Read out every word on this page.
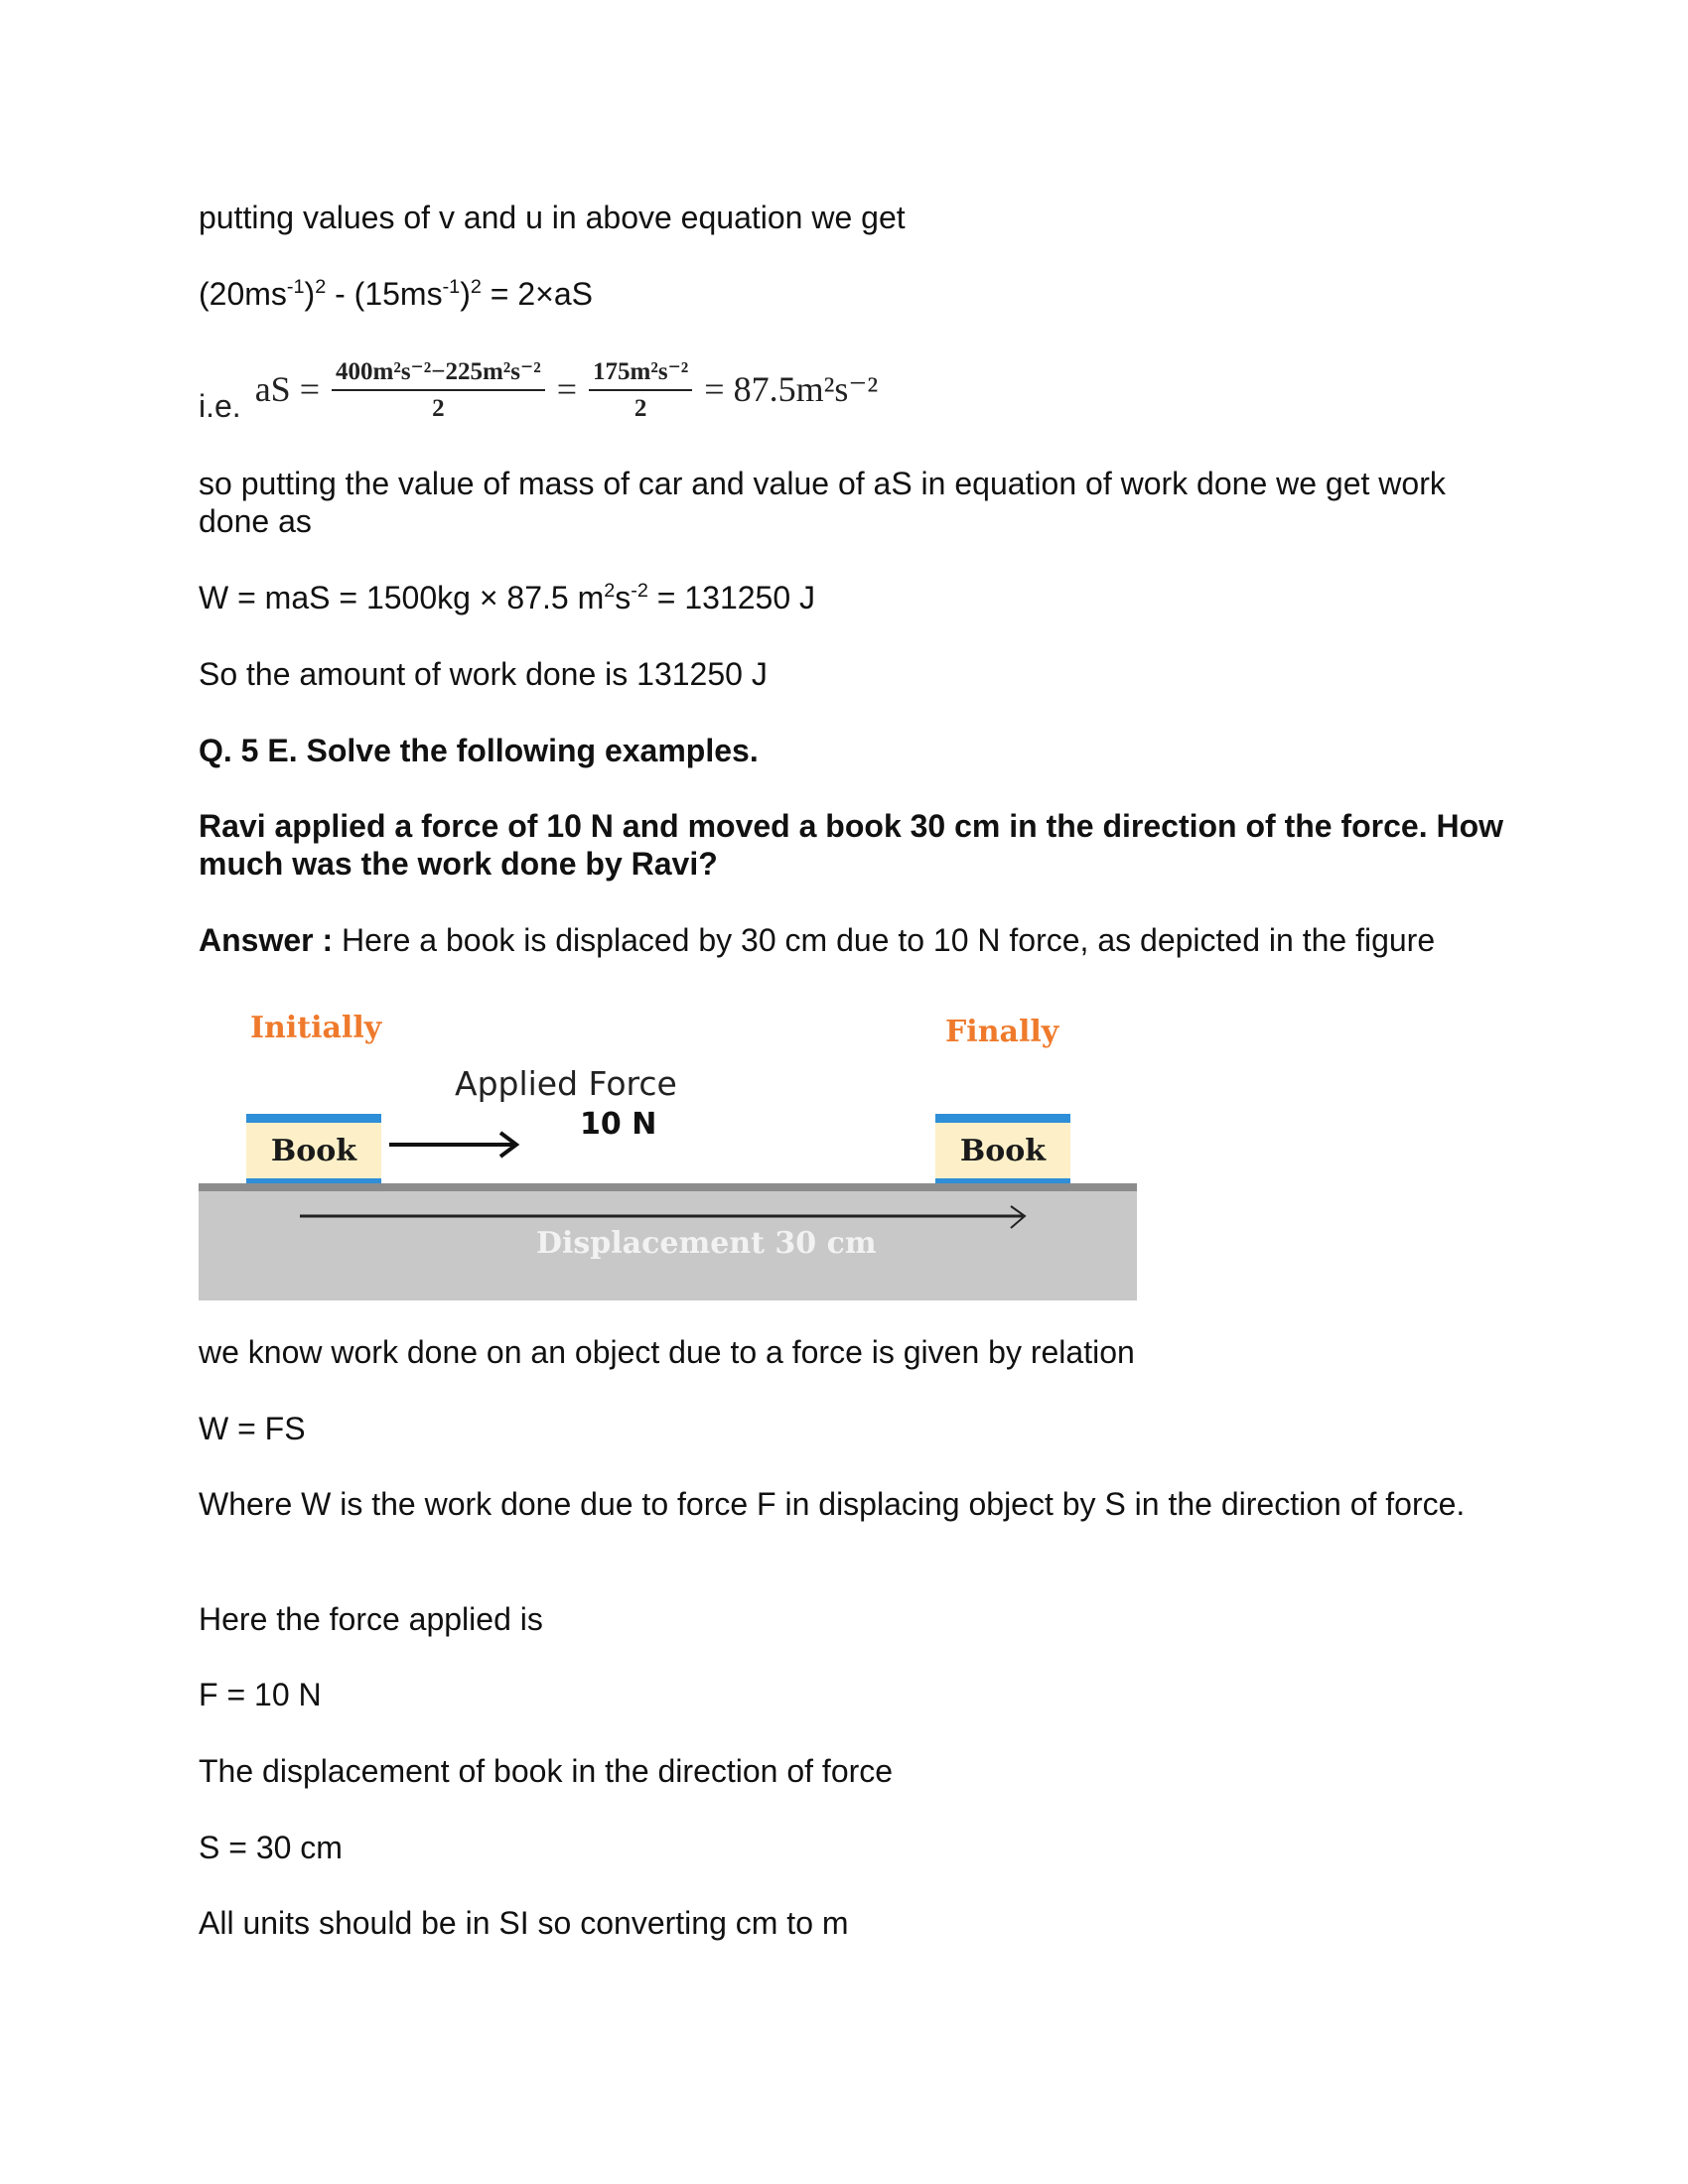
putting values of v and u in above equation we get
$(20ms^{-1})^2 - (15ms^{-1})^2 = 2\times aS$
i.e. aS = $\frac{\text{400m²s⁻²−225m²s⁻²}}{2} = \frac{\text{175m²s⁻²}}{2} = 87.5m^2s^{-2}$
so putting the value of mass of car and value of aS in equation of work done we get work done as
W = maS = 1500kg × 87.5 $m^2s^{-2} = 131250$ J
So the amount of work done is 131250 J
Q. 5 E. Solve the following examples.
Ravi applied a force of 10 N and moved a book 30 cm in the direction of the force. How much was the work done by Ravi?
Answer : Here a book is displaced by 30 cm due to 10 N force, as depicted in the figure
Initially	Finally
Applied Force
10 N
Book	Book
Displacement 30 cm
we know work done on an object due to a force is given by relation
W = FS
Where W is the work done due to force F in displacing object by S in the direction of force.
Here the force applied is
F = 10 N
The displacement of book in the direction of force
S = 30 cm
All units should be in SI so converting cm to m
